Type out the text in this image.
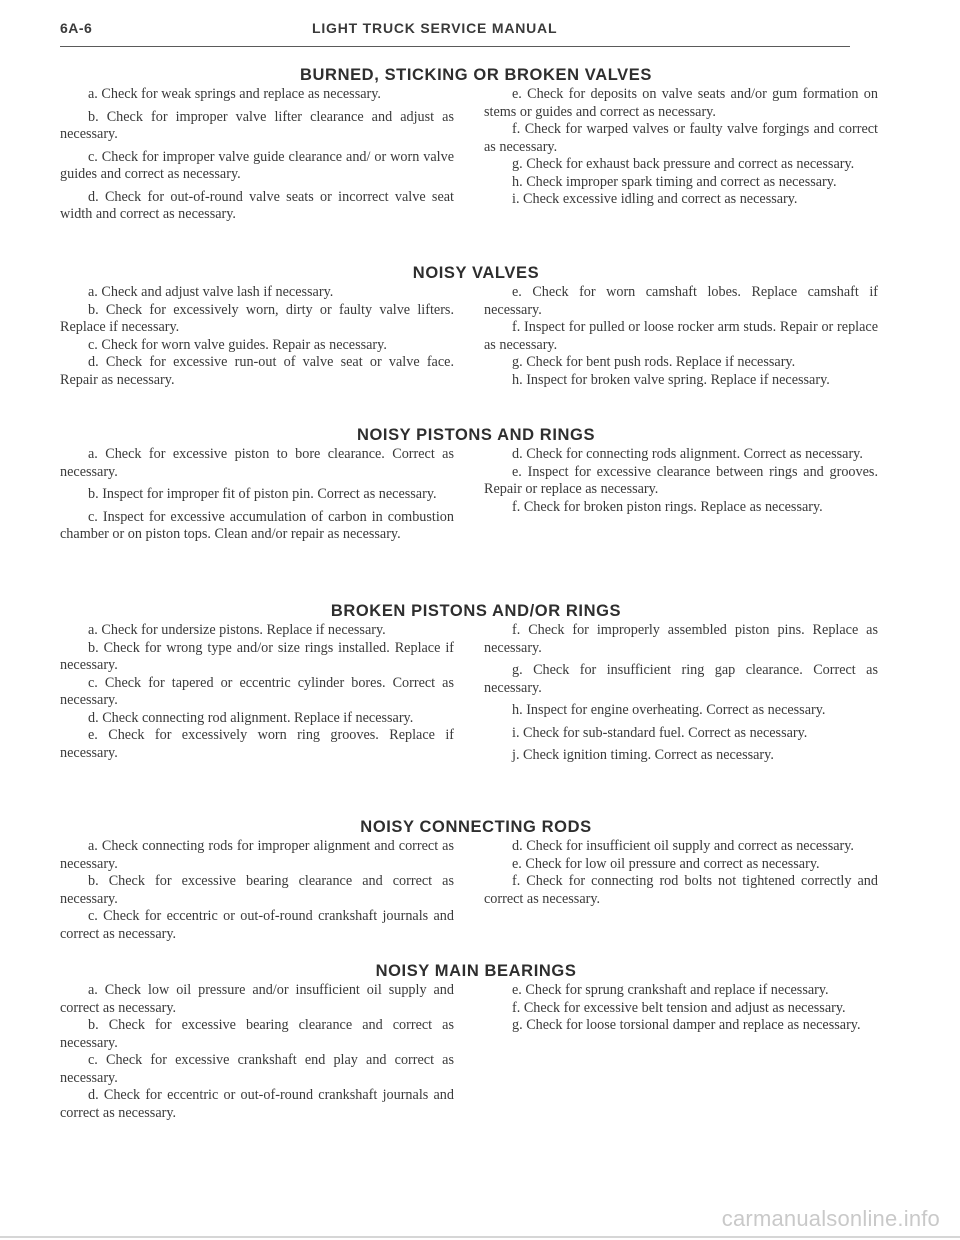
6A-6	LIGHT TRUCK SERVICE MANUAL
BURNED, STICKING OR BROKEN VALVES

a. Check for weak springs and replace as necessary.

b. Check for improper valve lifter clearance and adjust as necessary.

c. Check for improper valve guide clearance and/ or worn valve guides and correct as necessary.

d. Check for out-of-round valve seats or incorrect valve seat width and correct as necessary.

e. Check for deposits on valve seats and/or gum formation on stems or guides and correct as necessary.

f. Check for warped valves or faulty valve forgings and correct as necessary.

g. Check for exhaust back pressure and correct as necessary.

h. Check improper spark timing and correct as necessary.

i. Check excessive idling and correct as necessary.

NOISY VALVES

a. Check and adjust valve lash if necessary.

b. Check for excessively worn, dirty or faulty valve lifters. Replace if necessary.

c. Check for worn valve guides. Repair as necessary.

d. Check for excessive run-out of valve seat or valve face. Repair as necessary.

e. Check for worn camshaft lobes. Replace camshaft if necessary.

f. Inspect for pulled or loose rocker arm studs. Repair or replace as necessary.

g. Check for bent push rods. Replace if necessary.

h. Inspect for broken valve spring. Replace if necessary.

NOISY PISTONS AND RINGS

a. Check for excessive piston to bore clearance. Correct as necessary.

b. Inspect for improper fit of piston pin. Correct as necessary.

c. Inspect for excessive accumulation of carbon in combustion chamber or on piston tops. Clean and/or repair as necessary.

d. Check for connecting rods alignment. Correct as necessary.

e. Inspect for excessive clearance between rings and grooves. Repair or replace as necessary.

f. Check for broken piston rings. Replace as necessary.

BROKEN PISTONS AND/OR RINGS

a. Check for undersize pistons. Replace if necessary.

b. Check for wrong type and/or size rings installed. Replace if necessary.

c. Check for tapered or eccentric cylinder bores. Correct as necessary.

d. Check connecting rod alignment. Replace if necessary.

e. Check for excessively worn ring grooves. Replace if necessary.

f. Check for improperly assembled piston pins. Replace as necessary.

g. Check for insufficient ring gap clearance. Correct as necessary.

h. Inspect for engine overheating. Correct as necessary.

i. Check for sub-standard fuel. Correct as necessary.

j. Check ignition timing. Correct as necessary.

NOISY CONNECTING RODS

a. Check connecting rods for improper alignment and correct as necessary.

b. Check for excessive bearing clearance and correct as necessary.

c. Check for eccentric or out-of-round crankshaft journals and correct as necessary.

d. Check for insufficient oil supply and correct as necessary.

e. Check for low oil pressure and correct as necessary.

f. Check for connecting rod bolts not tightened correctly and correct as necessary.

NOISY MAIN BEARINGS

a. Check low oil pressure and/or insufficient oil supply and correct as necessary.

b. Check for excessive bearing clearance and correct as necessary.

c. Check for excessive crankshaft end play and correct as necessary.

d. Check for eccentric or out-of-round crankshaft journals and correct as necessary.

e. Check for sprung crankshaft and replace if necessary.

f. Check for excessive belt tension and adjust as necessary.

g. Check for loose torsional damper and replace as necessary.

carmanualsonline.info
